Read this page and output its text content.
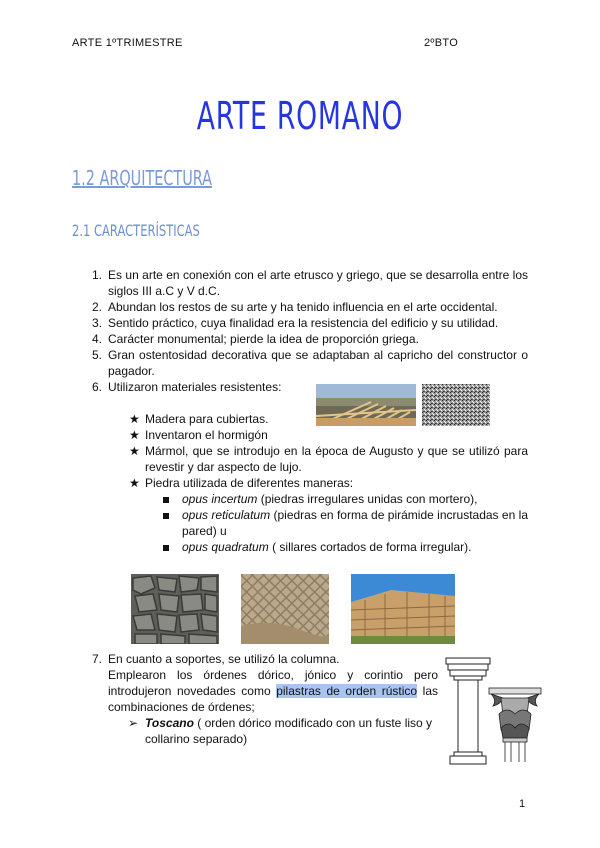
ARTE 1ºTRIMESTRE	2ºBTO
ARTE ROMANO
1.2 ARQUITECTURA
2.1 CARACTERÍSTICAS
1. Es un arte en conexión con el arte etrusco y griego, que se desarrolla entre los siglos III a.C y V d.C.
2. Abundan los restos de su arte y ha tenido influencia en el arte occidental.
3. Sentido práctico, cuya finalidad era la resistencia del edificio y su utilidad.
4. Carácter monumental; pierde la idea de proporción griega.
5. Gran ostentosidad decorativa que se adaptaban al capricho del constructor o pagador.
6. Utilizaron materiales resistentes:
★ Madera para cubiertas.
★ Inventaron el hormigón
★ Mármol, que se introdujo en la época de Augusto y que se utilizó para revestir y dar aspecto de lujo.
★ Piedra utilizada de diferentes maneras:
opus incertum (piedras irregulares unidas con mortero),
opus reticulatum (piedras en forma de pirámide incrustadas en la pared) u
opus quadratum ( sillares cortados de forma irregular).
7. En cuanto a soportes, se utilizó la columna.
Emplearon los órdenes dórico, jónico y corintio pero introdujeron novedades como pilastras de orden rústico las combinaciones de órdenes;
➢ Toscano ( orden dórico modificado con un fuste liso y collarino separado)
1
